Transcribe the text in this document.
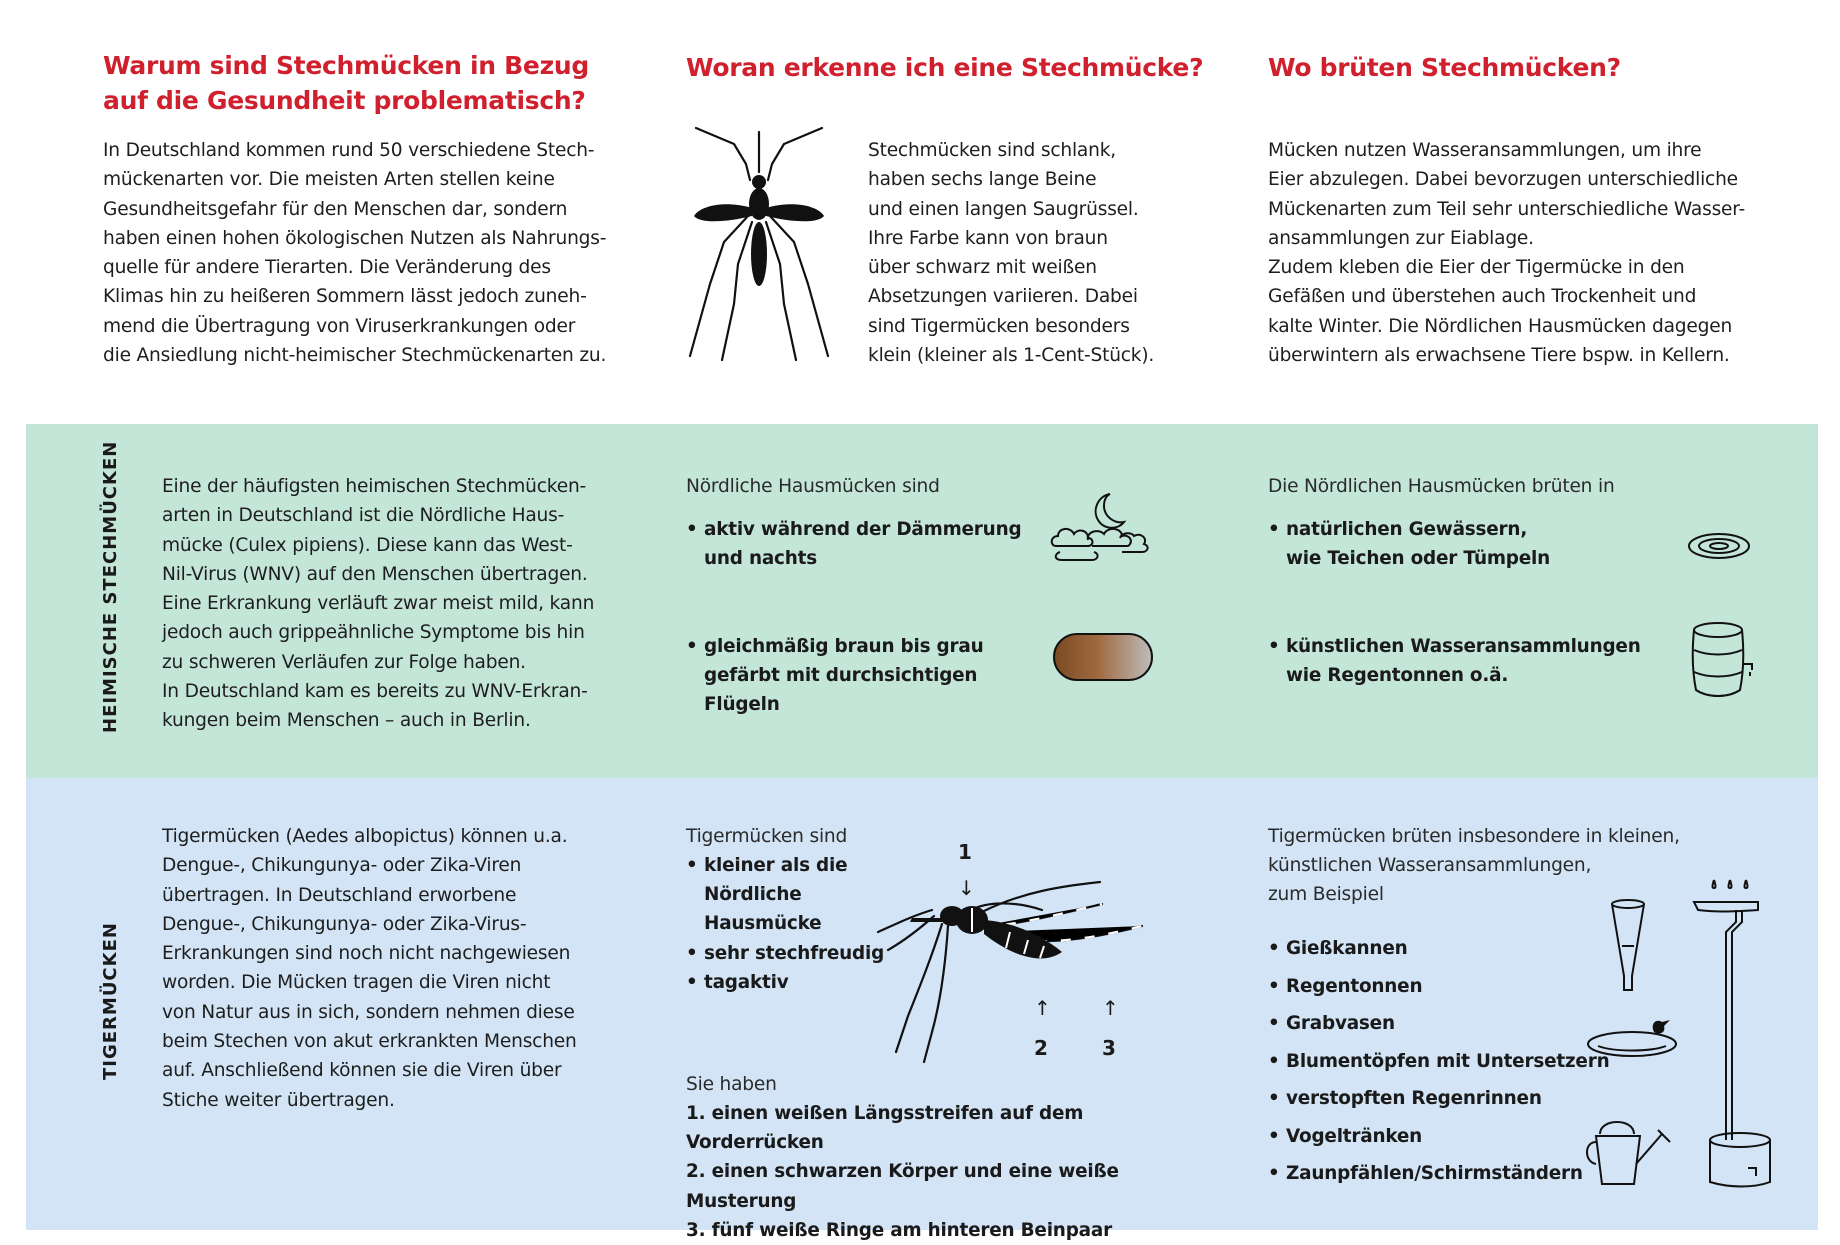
Warum sind Stechmücken in Bezug
auf die Gesundheit problematisch?
In Deutschland kommen rund 50 verschiedene Stech-
mückenarten vor. Die meisten Arten stellen keine
Gesundheitsgefahr für den Menschen dar, sondern
haben einen hohen ökologischen Nutzen als Nahrungs-
quelle für andere Tierarten. Die Veränderung des
Klimas hin zu heißeren Sommern lässt jedoch zuneh-
mend die Übertragung von Viruserkrankungen oder
die Ansiedlung nicht-heimischer Stechmückenarten zu.
Woran erkenne ich eine Stechmücke?
Stechmücken sind schlank,
haben sechs lange Beine
und einen langen Saugrüssel.
Ihre Farbe kann von braun
über schwarz mit weißen
Absetzungen variieren. Dabei
sind Tigermücken besonders
klein (kleiner als 1-Cent-Stück).
Wo brüten Stechmücken?
Mücken nutzen Wasseransammlungen, um ihre
Eier abzulegen. Dabei bevorzugen unterschiedliche
Mückenarten zum Teil sehr unterschiedliche Wasser-
ansammlungen zur Eiablage.
Zudem kleben die Eier der Tigermücke in den
Gefäßen und überstehen auch Trockenheit und
kalte Winter. Die Nördlichen Hausmücken dagegen
überwintern als erwachsene Tiere bspw. in Kellern.
HEIMISCHE STECHMÜCKEN Eine der häufigsten heimischen Stechmücken-
arten in Deutschland ist die Nördliche Haus-
mücke (Culex pipiens). Diese kann das West-
Nil-Virus (WNV) auf den Menschen übertragen.
Eine Erkrankung verläuft zwar meist mild, kann
jedoch auch grippeähnliche Symptome bis hin
zu schweren Verläufen zur Folge haben.
In Deutschland kam es bereits zu WNV-Erkran-
kungen beim Menschen – auch in Berlin.
Nördliche Hausmücken sind
• aktiv während der Dämmerung
und nachts
• gleichmäßig braun bis grau
gefärbt mit durchsichtigen Flügeln
Die Nördlichen Hausmücken brüten in
• natürlichen Gewässern,
wie Teichen oder Tümpeln
• künstlichen Wasseransammlungen
wie Regentonnen o.ä.
TIGERMÜCKEN
Tigermücken (Aedes albopictus) können u.a.
Dengue-, Chikungunya- oder Zika-Viren
übertragen. In Deutschland erworbene
Dengue-, Chikungunya- oder Zika-Virus-
Erkrankungen sind noch nicht nachgewiesen
worden. Die Mücken tragen die Viren nicht
von Natur aus in sich, sondern nehmen diese
beim Stechen von akut erkrankten Menschen
auf. Anschließend können sie die Viren über
Stiche weiter übertragen.
Tigermücken sind
• kleiner als die
Nördliche
Hausmücke
• sehr stechfreudig
• tagaktiv
1
↓
↑
2
↑
3
Sie haben
1. einen weißen Längsstreifen auf dem Vorderrücken
2. einen schwarzen Körper und eine weiße Musterung
3. fünf weiße Ringe am hinteren Beinpaar
Tigermücken brüten insbesondere in kleinen,
künstlichen Wasseransammlungen,
zum Beispiel
• Gießkannen
• Regentonnen
• Grabvasen
• Blumentöpfen mit Untersetzern
• verstopften Regenrinnen
• Vogeltränken
• Zaunpfählen/Schirmständern
